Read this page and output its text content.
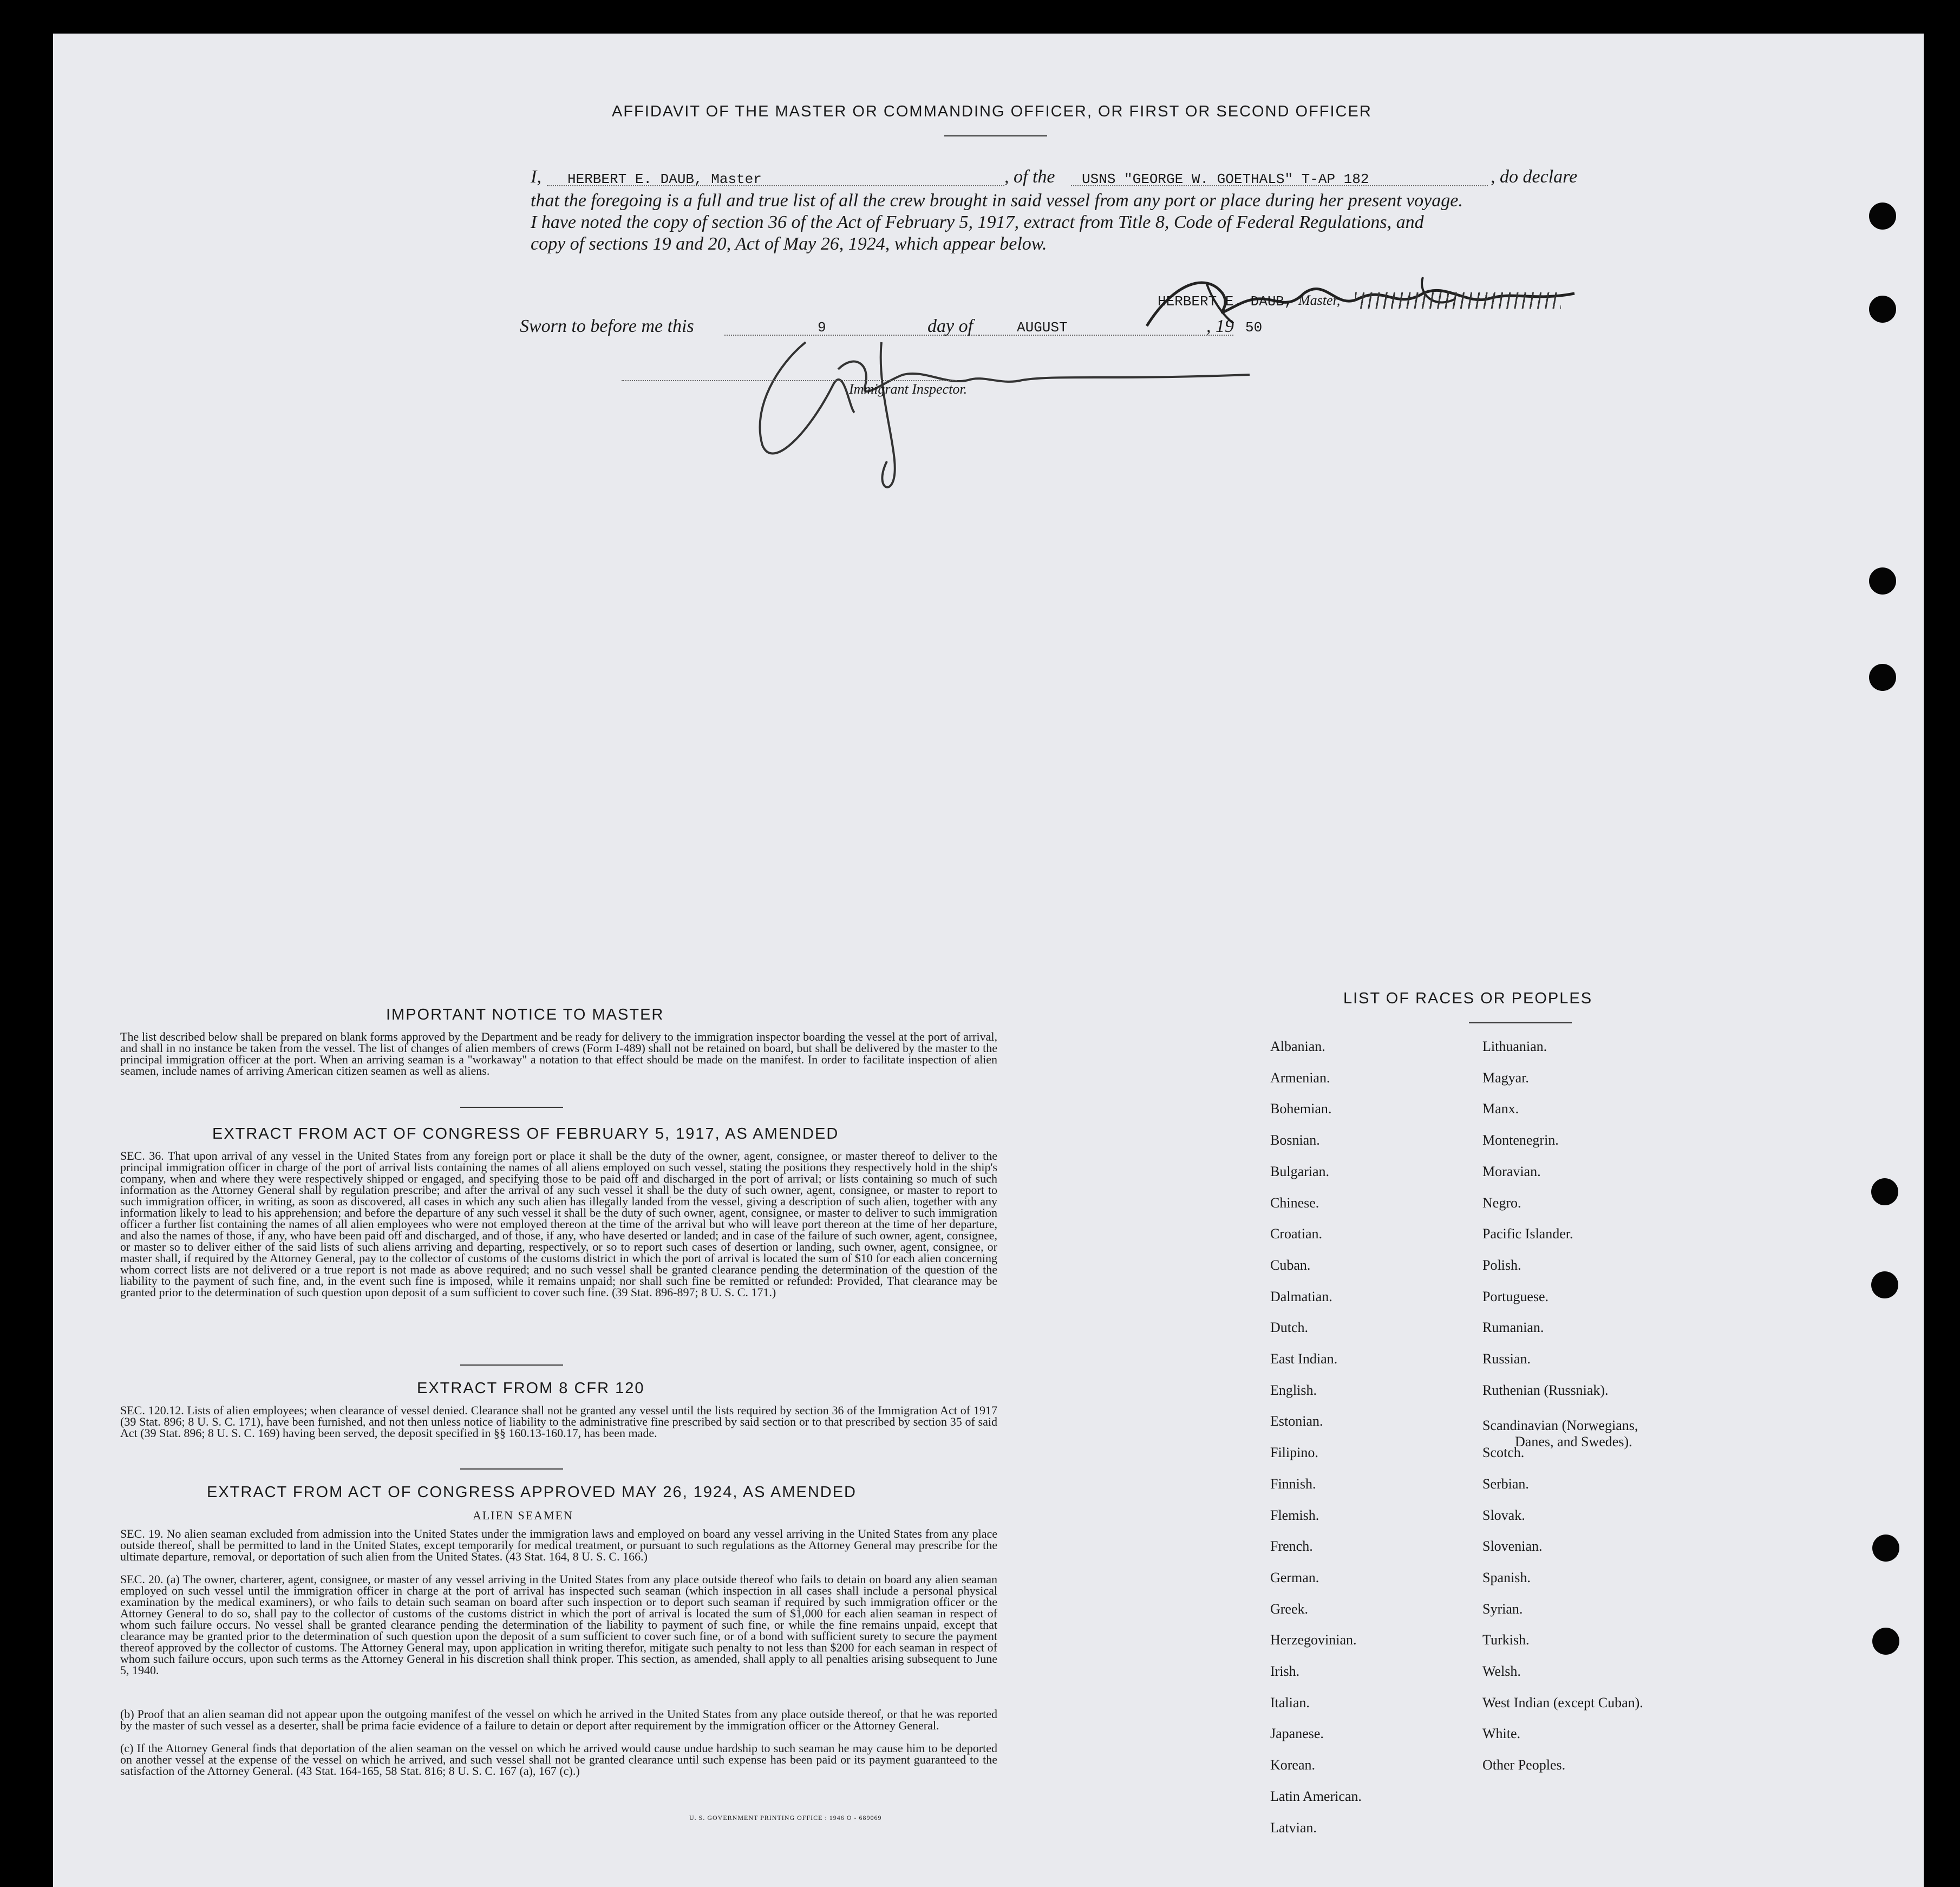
AFFIDAVIT OF THE MASTER OR COMMANDING OFFICER, OR FIRST OR SECOND OFFICER
I, HERBERT E. DAUB, Master	, of the USNS "GEORGE W. GOETHALS" T-AP 182	, do declare
that the foregoing is a full and true list of all the crew brought in said vessel from any port or place during her present voyage.
I have noted the copy of section 36 of the Act of February 5, 1917, extract from Title 8, Code of Federal Regulations, and
copy of sections 19 and 20, Act of May 26, 1924, which appear below.
HERBERT E. DAUB, Master,
Sworn to before me this	9	day of	AUGUST	, 19 50
Immigrant Inspector.
IMPORTANT NOTICE TO MASTER
The list described below shall be prepared on blank forms approved by the Department and be ready for delivery to the immigration inspector boarding the vessel at the port of arrival, and shall in no instance be taken from the vessel. The list of changes of alien members of crews (Form I-489) shall not be retained on board, but shall be delivered by the master to the principal immigration officer at the port. When an arriving seaman is a "workaway" a notation to that effect should be made on the manifest. In order to facilitate inspection of alien seamen, include names of arriving American citizen seamen as well as aliens.
EXTRACT FROM ACT OF CONGRESS OF FEBRUARY 5, 1917, AS AMENDED
SEC. 36. That upon arrival of any vessel in the United States from any foreign port or place it shall be the duty of the owner, agent, consignee, or master thereof to deliver to the principal immigration officer in charge of the port of arrival lists containing the names of all aliens employed on such vessel, stating the positions they respectively hold in the ship's company, when and where they were respectively shipped or engaged, and specifying those to be paid off and discharged in the port of arrival; or lists containing so much of such information as the Attorney General shall by regulation prescribe; and after the arrival of any such vessel it shall be the duty of such owner, agent, consignee, or master to report to such immigration officer, in writing, as soon as discovered, all cases in which any such alien has illegally landed from the vessel, giving a description of such alien, together with any information likely to lead to his apprehension; and before the departure of any such vessel it shall be the duty of such owner, agent, consignee, or master to deliver to such immigration officer a further list containing the names of all alien employees who were not employed thereon at the time of the arrival but who will leave port thereon at the time of her departure, and also the names of those, if any, who have been paid off and discharged, and of those, if any, who have deserted or landed; and in case of the failure of such owner, agent, consignee, or master so to deliver either of the said lists of such aliens arriving and departing, respectively, or so to report such cases of desertion or landing, such owner, agent, consignee, or master shall, if required by the Attorney General, pay to the collector of customs of the customs district in which the port of arrival is located the sum of $10 for each alien concerning whom correct lists are not delivered or a true report is not made as above required; and no such vessel shall be granted clearance pending the determination of the question of the liability to the payment of such fine, and, in the event such fine is imposed, while it remains unpaid; nor shall such fine be remitted or refunded: Provided, That clearance may be granted prior to the determination of such question upon deposit of a sum sufficient to cover such fine. (39 Stat. 896-897; 8 U. S. C. 171.)
EXTRACT FROM 8 CFR 120
SEC. 120.12. Lists of alien employees; when clearance of vessel denied. Clearance shall not be granted any vessel until the lists required by section 36 of the Immigration Act of 1917 (39 Stat. 896; 8 U. S. C. 171), have been furnished, and not then unless notice of liability to the administrative fine prescribed by said section or to that prescribed by section 35 of said Act (39 Stat. 896; 8 U. S. C. 169) having been served, the deposit specified in §§ 160.13-160.17, has been made.
EXTRACT FROM ACT OF CONGRESS APPROVED MAY 26, 1924, AS AMENDED
ALIEN SEAMEN
SEC. 19. No alien seaman excluded from admission into the United States under the immigration laws and employed on board any vessel arriving in the United States from any place outside thereof, shall be permitted to land in the United States, except temporarily for medical treatment, or pursuant to such regulations as the Attorney General may prescribe for the ultimate departure, removal, or deportation of such alien from the United States. (43 Stat. 164, 8 U. S. C. 166.)
SEC. 20. (a) The owner, charterer, agent, consignee, or master of any vessel arriving in the United States from any place outside thereof who fails to detain on board any alien seaman employed on such vessel until the immigration officer in charge at the port of arrival has inspected such seaman (which inspection in all cases shall include a personal physical examination by the medical examiners), or who fails to detain such seaman on board after such inspection or to deport such seaman if required by such immigration officer or the Attorney General to do so, shall pay to the collector of customs of the customs district in which the port of arrival is located the sum of $1,000 for each alien seaman in respect of whom such failure occurs. No vessel shall be granted clearance pending the determination of the liability to payment of such fine, or while the fine remains unpaid, except that clearance may be granted prior to the determination of such question upon the deposit of a sum sufficient to cover such fine, or of a bond with sufficient surety to secure the payment thereof approved by the collector of customs. The Attorney General may, upon application in writing therefor, mitigate such penalty to not less than $200 for each seaman in respect of whom such failure occurs, upon such terms as the Attorney General in his discretion shall think proper. This section, as amended, shall apply to all penalties arising subsequent to June 5, 1940.
(b) Proof that an alien seaman did not appear upon the outgoing manifest of the vessel on which he arrived in the United States from any place outside thereof, or that he was reported by the master of such vessel as a deserter, shall be prima facie evidence of a failure to detain or deport after requirement by the immigration officer or the Attorney General.
(c) If the Attorney General finds that deportation of the alien seaman on the vessel on which he arrived would cause undue hardship to such seaman he may cause him to be deported on another vessel at the expense of the vessel on which he arrived, and such vessel shall not be granted clearance until such expense has been paid or its payment guaranteed to the satisfaction of the Attorney General. (43 Stat. 164-165, 58 Stat. 816; 8 U. S. C. 167 (a), 167 (c).)
U. S. GOVERNMENT PRINTING OFFICE : 1946 O - 689069
LIST OF RACES OR PEOPLES
Albanian.
Armenian.
Bohemian.
Bosnian.
Bulgarian.
Chinese.
Croatian.
Cuban.
Dalmatian.
Dutch.
East Indian.
English.
Estonian.
Filipino.
Finnish.
Flemish.
French.
German.
Greek.
Herzegovinian.
Irish.
Italian.
Japanese.
Korean.
Latin American.
Latvian.
Lithuanian.
Magyar.
Manx.
Montenegrin.
Moravian.
Negro.
Pacific Islander.
Polish.
Portuguese.
Rumanian.
Russian.
Ruthenian (Russniak).
Scandinavian (Norwegians,
Danes, and Swedes).
Scotch.
Serbian.
Slovak.
Slovenian.
Spanish.
Syrian.
Turkish.
Welsh.
West Indian (except Cuban).
White.
Other Peoples.
